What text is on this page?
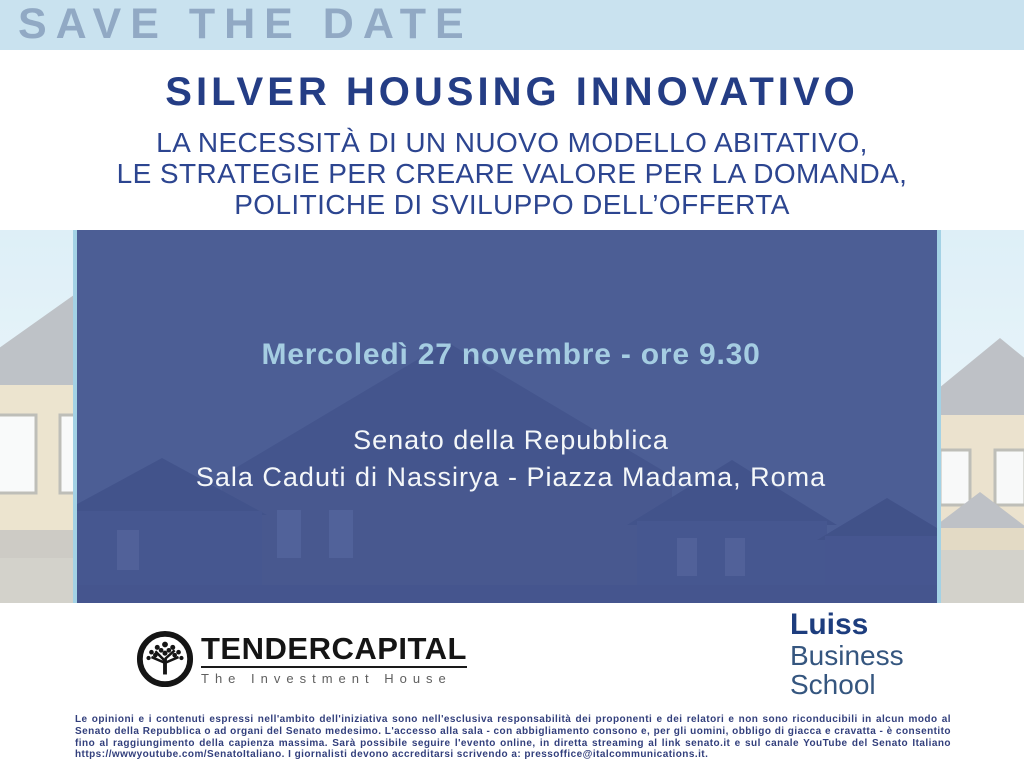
SAVE THE DATE
SILVER HOUSING INNOVATIVO
LA NECESSITÀ DI UN NUOVO MODELLO ABITATIVO,
LE STRATEGIE PER CREARE VALORE PER LA DOMANDA,
POLITICHE DI SVILUPPO DELL’OFFERTA
Mercoledì 27 novembre - ore 9.30
Senato della Repubblica
Sala Caduti di Nassirya - Piazza Madama, Roma
TENDERCAPITAL
The Investment House
Luiss
Business
School

Le opinioni e i contenuti espressi nell'ambito dell'iniziativa sono nell'esclusiva responsabilità dei proponenti e dei relatori e non sono riconducibili in alcun modo al Senato della Repubblica o ad organi del Senato medesimo. L'accesso alla sala - con abbigliamento consono e, per gli uomini, obbligo di giacca e cravatta - è consentito fino al raggiungimento della capienza massima. Sarà possibile seguire l'evento online, in diretta streaming al link senato.it e sul canale YouTube del Senato Italiano https://wwwyoutube.com/SenatoItaliano. I giornalisti devono accreditarsi scrivendo a: pressoffice@italcommunications.it.
